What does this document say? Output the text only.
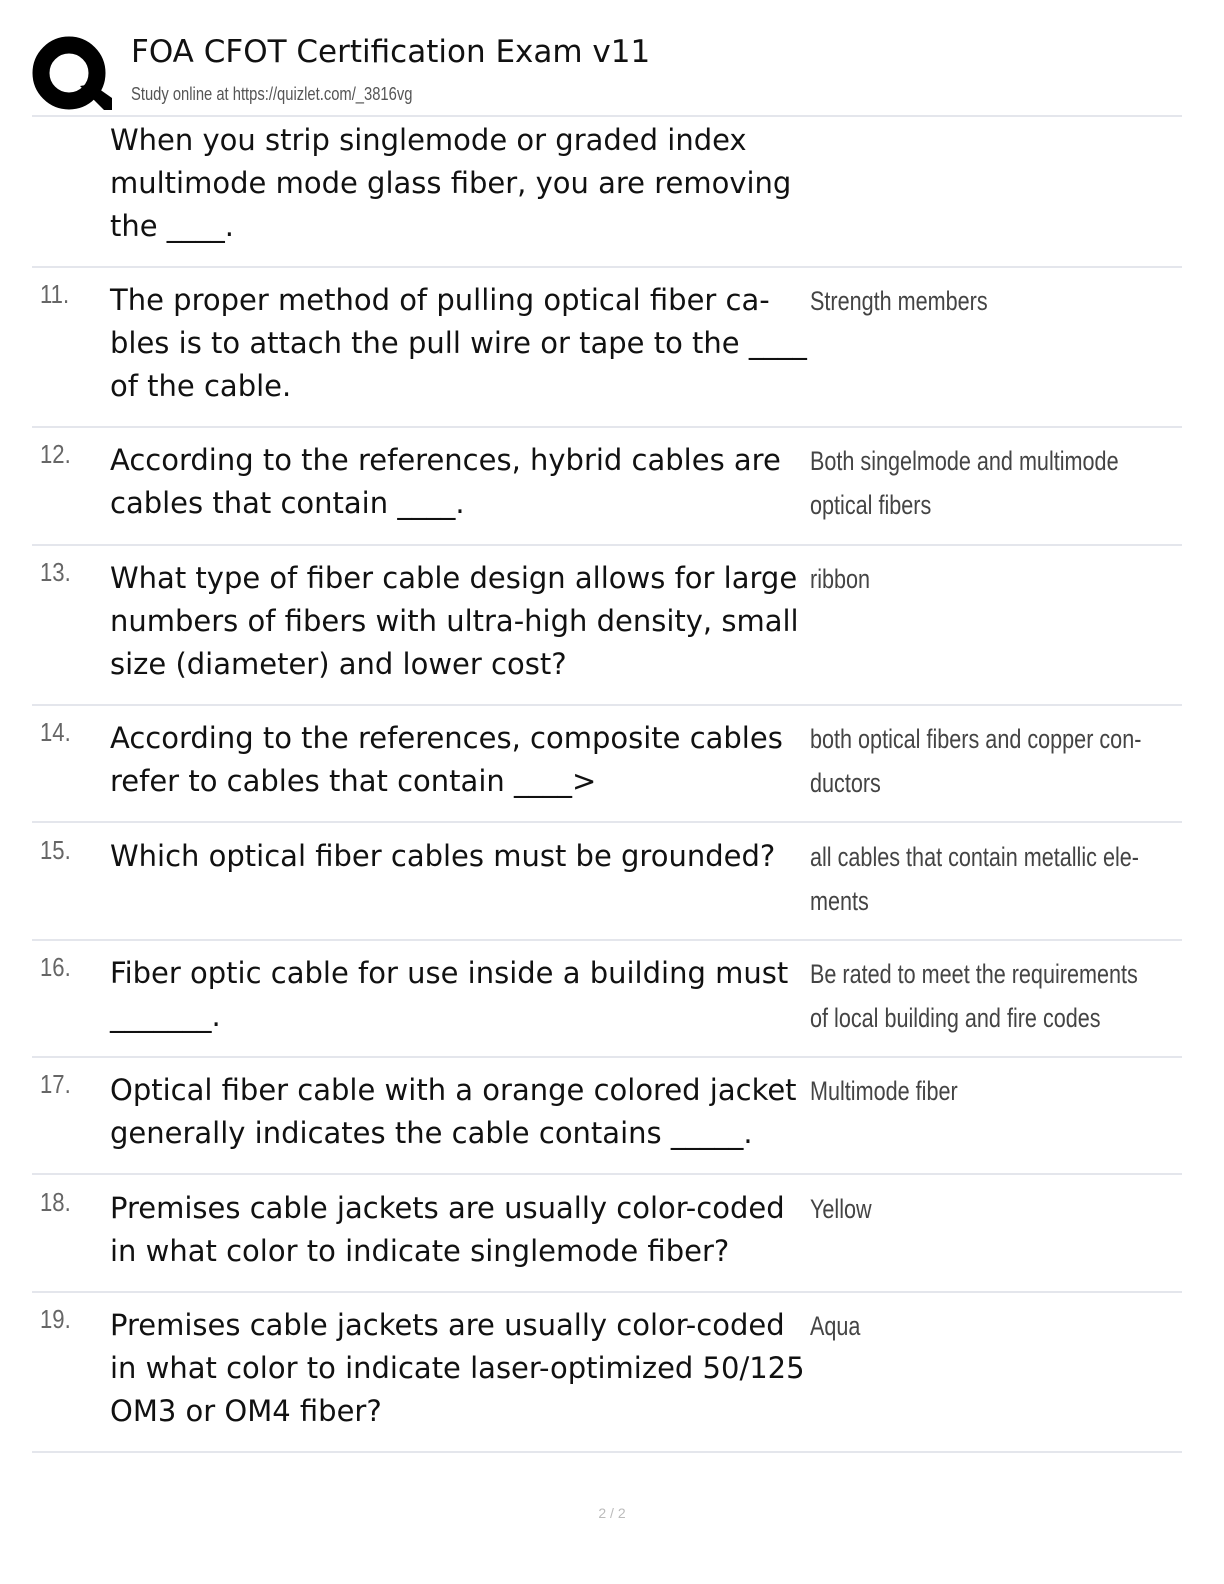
FOA CFOT Certification Exam v11
Study online at https://quizlet.com/_3816vg
When you strip singlemode or graded index
multimode mode glass fiber, you are removing
the ____.
11. The proper method of pulling optical fiber ca-
bles is to attach the pull wire or tape to the ____
of the cable.
Strength members
12. According to the references, hybrid cables are
cables that contain ____.
Both singelmode and multimode
optical fibers
13. What type of fiber cable design allows for large
numbers of fibers with ultra-high density, small
size (diameter) and lower cost?
ribbon
14. According to the references, composite cables
refer to cables that contain ____>
both optical fibers and copper con-
ductors
15. Which optical fiber cables must be grounded?	all cables that contain metallic ele-
ments
16. Fiber optic cable for use inside a building must
_______.
Be rated to meet the requirements
of local building and fire codes
17. Optical fiber cable with a orange colored jacket
generally indicates the cable contains _____.
Multimode fiber
18. Premises cable jackets are usually color-coded
in what color to indicate singlemode fiber?
Yellow
19. Premises cable jackets are usually color-coded
in what color to indicate laser-optimized 50/125
OM3 or OM4 fiber?
Aqua
2 / 2
